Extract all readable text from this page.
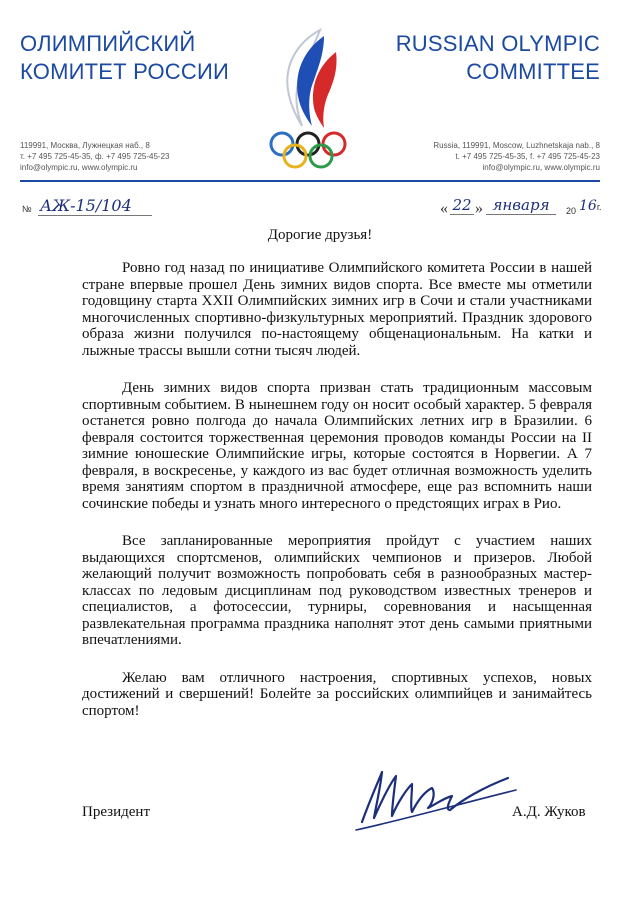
ОЛИМПИЙСКИЙ
КОМИТЕТ РОССИИ
RUSSIAN OLYMPIC
COMMITTEE
119991, Москва, Лужнецкая наб., 8
т. +7 495 725-45-35, ф. +7 495 725-45-23
info@olympic.ru, www.olympic.ru
Russia, 119991, Moscow, Luzhnetskaja nab., 8
t. +7 495 725-45-35, f. +7 495 725-45-23
info@olympic.ru, www.olympic.ru
№ АЖ-15/104	« 22 » января	20 16г.
Дорогие друзья!

Ровно год назад по инициативе Олимпийского комитета России в нашей стране впервые прошел День зимних видов спорта. Все вместе мы отметили годовщину старта XXII Олимпийских зимних игр в Сочи и стали участниками многочисленных спортивно-физкультурных мероприятий. Праздник здорового образа жизни получился по-настоящему общенациональным. На катки и лыжные трассы вышли сотни тысяч людей.

День зимних видов спорта призван стать традиционным массовым спортивным событием. В нынешнем году он носит особый характер. 5 февраля останется ровно полгода до начала Олимпийских летних игр в Бразилии. 6 февраля состоится торжественная церемония проводов команды России на II зимние юношеские Олимпийские игры, которые состоятся в Норвегии. А 7 февраля, в воскресенье, у каждого из вас будет отличная возможность уделить время занятиям спортом в праздничной атмосфере, еще раз вспомнить наши сочинские победы и узнать много интересного о предстоящих играх в Рио.

Все запланированные мероприятия пройдут с участием наших выдающихся спортсменов, олимпийских чемпионов и призеров. Любой желающий получит возможность попробовать себя в разнообразных мастер-классах по ледовым дисциплинам под руководством известных тренеров и специалистов, а фотосессии, турниры, соревнования и насыщенная развлекательная программа праздника наполнят этот день самыми приятными впечатлениями.

Желаю вам отличного настроения, спортивных успехов, новых достижений и свершений! Болейте за российских олимпийцев и занимайтесь спортом!

Президент	А.Д. Жуков
